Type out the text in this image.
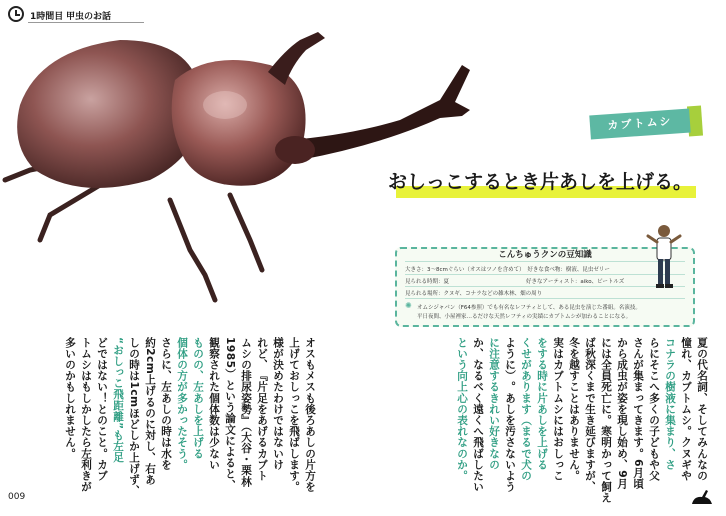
1時間目 甲虫のお話
カブトムシ
おしっこするとき片あしを上げる。
こんちゅうクンの豆知識
大きさ：3～8cmぐらい（オスはツノを含めて）　好きな食べ物：樹液、昆虫ゼリー
見られる時期：夏　　　　　　　　　　　　　　好きなアーティスト：aiko、ビートルズ
見られる場所：クヌギ、コナラなどの雑木林、畑の周り
✺ オムシジャパン（F64参照）でも有名なレフティとして、ある昆虫を演じた番組。名演技。
平日夜間、小屋裡家…るだけな天然レフティの実績にカブトムシが加わることになる。
夏の代名詞、そしてみんなの
憧れ、カブトムシ。クヌギや
コナラの樹液に集まり、さ
らにそこへ多くの子どもや父
さんが集まってきます。6月頃
から成虫が姿を現し始め、9月
には全員死亡に。寒明かって飼え
ば秋深くまで生き延びますが、
冬を越すことはありません。
実はカブトムシにはおしっこ
をする時に片あしを上げる
くせがあります（まるで犬の
ように）。あしを汚さないよう
に注意するきれい好きなの
か、なるべく遠くへ飛ばしたい
という向上心の表れなのか。
オスもメスも後ろあしの片方を
上げておしっこを飛ばします。
様が決めたわけではないけ
れど、『片足をあげるカブト
ムシの排尿姿勢』（大谷・栗林
1985）という論文によると、
観察された個体数は少ない
ものの、左あしを上げる
個体の方が多かったそう。
さらに、左あしの時は水を
約2cm上げるのに対し、右あ
しの時は1cmほどしか上げず、
“おしっこ飛距離”も左足
どではない！とのこと。カブ
トムシはもしかしたら左利きが
多いのかもしれません。
009
